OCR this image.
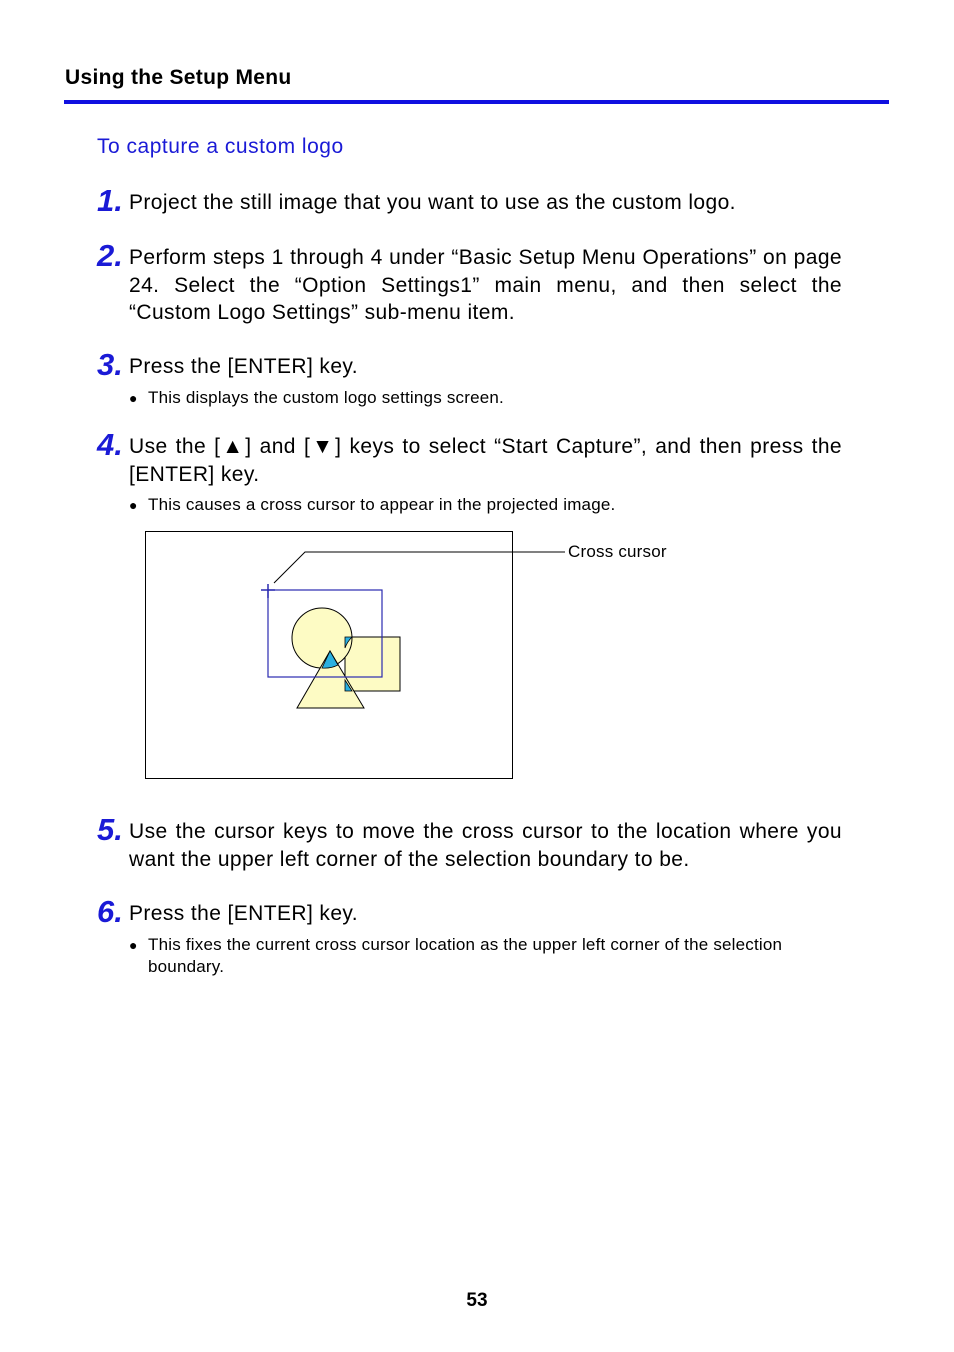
Using the Setup Menu
To capture a custom logo
1. Project the still image that you want to use as the custom logo.
2. Perform steps 1 through 4 under “Basic Setup Menu Operations” on page 24. Select the “Option Settings1” main menu, and then select the “Custom Logo Settings” sub-menu item.
3. Press the [ENTER] key.
● This displays the custom logo settings screen.
4. Use the [▲] and [▼] keys to select “Start Capture”, and then press the [ENTER] key.
● This causes a cross cursor to appear in the projected image.
Cross cursor
5. Use the cursor keys to move the cross cursor to the location where you want the upper left corner of the selection boundary to be.
6. Press the [ENTER] key.
● This fixes the current cross cursor location as the upper left corner of the selection boundary.
53
